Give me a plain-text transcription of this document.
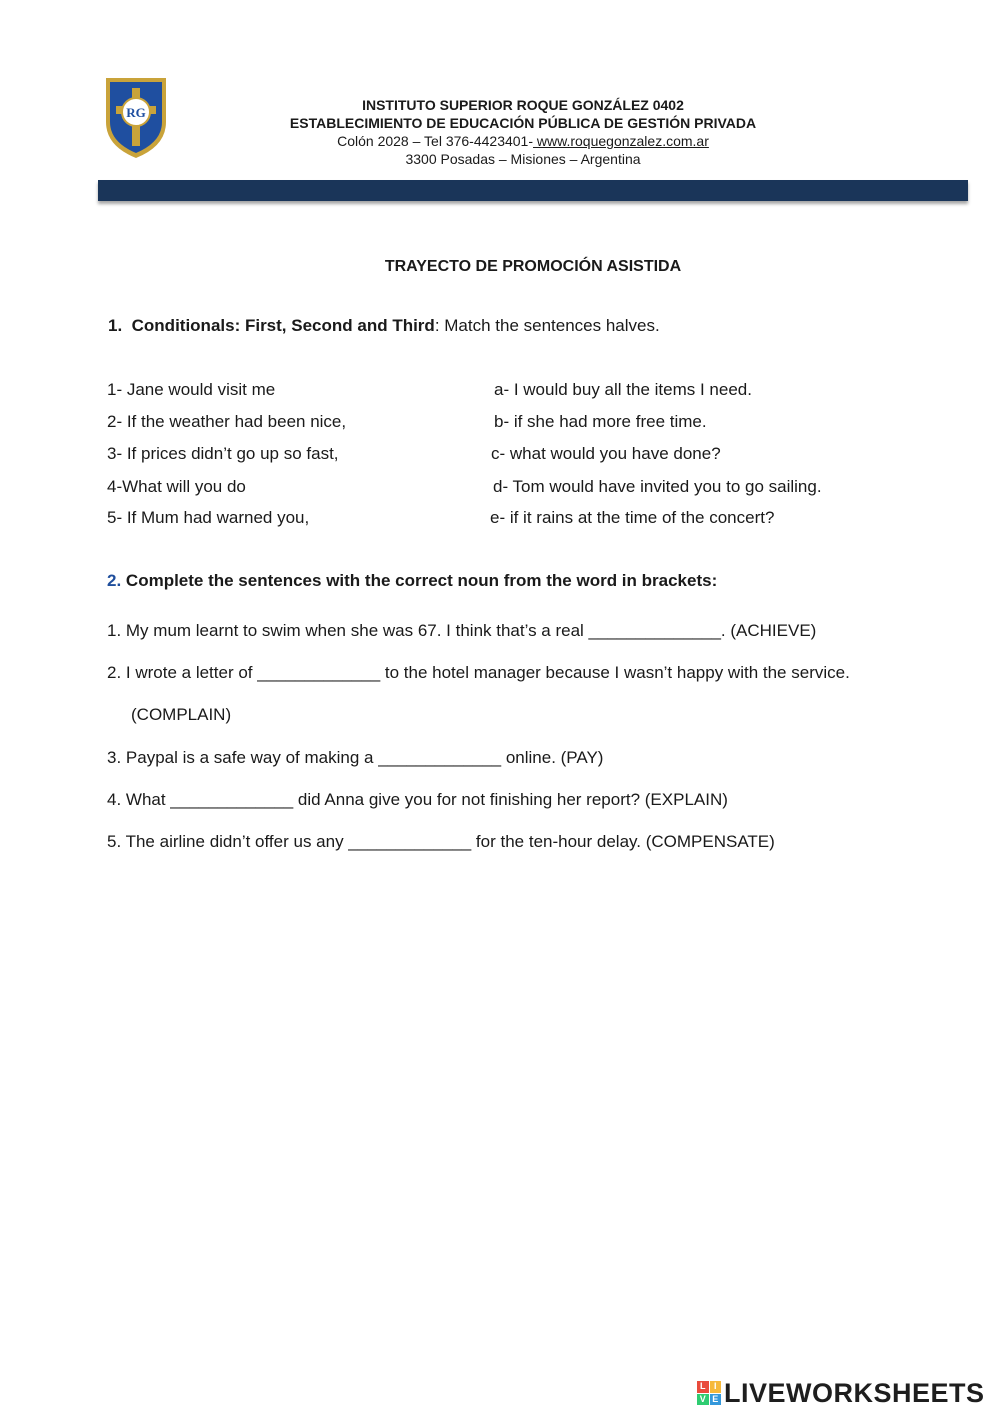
RG	INSTITUTO SUPERIOR ROQUE GONZÁLEZ 0402
ESTABLECIMIENTO DE EDUCACIÓN PÚBLICA DE GESTIÓN PRIVADA
Colón 2028 – Tel 376-4423401- www.roquegonzalez.com.ar
3300 Posadas – Misiones – Argentina
TRAYECTO DE PROMOCIÓN ASISTIDA
1. Conditionals: First, Second and Third: Match the sentences halves.
1- Jane would visit me
2- If the weather had been nice,
3- If prices didn’t go up so fast,
4-What will you do
5- If Mum had warned you,
a- I would buy all the items I need.
b- if she had more free time.
c- what would you have done?
d- Tom would have invited you to go sailing.
e- if it rains at the time of the concert?
2. Complete the sentences with the correct noun from the word in brackets:
1. My mum learnt to swim when she was 67. I think that’s a real ______________. (ACHIEVE)
2. I wrote a letter of _____________ to the hotel manager because I wasn’t happy with the service.
(COMPLAIN)
3. Paypal is a safe way of making a _____________ online. (PAY)
4. What _____________ did Anna give you for not finishing her report? (EXPLAIN)
5. The airline didn’t offer us any _____________ for the ten-hour delay. (COMPENSATE)
L I
V E LIVEWORKSHEETS
